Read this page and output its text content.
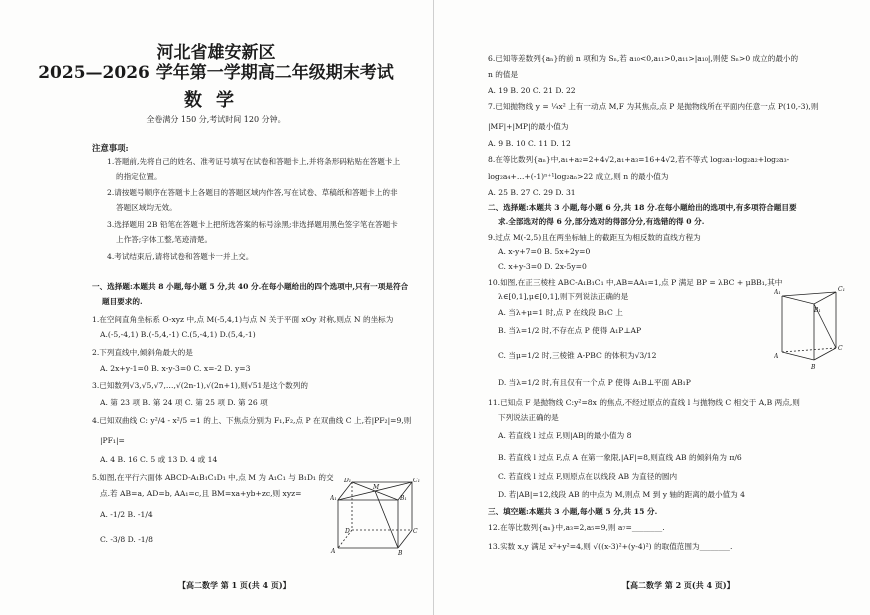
河北省雄安新区
2025—2026 学年第一学期高二年级期末考试
数学
全卷满分 150 分,考试时间 120 分钟。
注意事项:
1.答题前,先将自己的姓名、准考证号填写在试卷和答题卡上,并将条形码粘贴在答题卡上
的指定位置。
2.请按题号顺序在答题卡上各题目的答题区域内作答,写在试卷、草稿纸和答题卡上的非
答题区域均无效。
3.选择题用 2B 铅笔在答题卡上把所选答案的标号涂黑;非选择题用黑色签字笔在答题卡
上作答;字体工整,笔迹清楚。
4.考试结束后,请将试卷和答题卡一并上交。
一、选择题:本题共 8 小题,每小题 5 分,共 40 分.在每小题给出的四个选项中,只有一项是符合
题目要求的.
1.在空间直角坐标系 O-xyz 中,点 M(-5,4,1)与点 N 关于平面 xOy 对称,则点 N 的坐标为
A.(-5,-4,1) B.(-5,4,-1) C.(5,-4,1) D.(5,4,-1)
2.下列直线中,倾斜角最大的是
A. 2x+y-1=0 B. x-y-3=0 C. x=-2 D. y=3
3.已知数列√3,√5,√7,…,√(2n-1),√(2n+1),则√51是这个数列的
A. 第 23 项 B. 第 24 项 C. 第 25 项 D. 第 26 项
4.已知双曲线 C: y²/4 - x²/5 =1 的上、下焦点分别为 F₁,F₂,点 P 在双曲线 C 上,若|PF₂|=9,则
|PF₁|=
A. 4 B. 16 C. 5 或 13 D. 4 或 14
5.如图,在平行六面体 ABCD-A₁B₁C₁D₁ 中,点 M 为 A₁C₁ 与 B₁D₁ 的交
点.若 AB=a, AD=b, AA₁=c,且 BM=xa+yb+zc,则 xyz=
A. -1/2 B. -1/4
C. -3/8 D. -1/8
D₁	C₁
A₁
M
B₁
D	C
A	B
【高二数学 第 1 页(共 4 页)】
6.已知等差数列{aₙ}的前 n 项和为 Sₙ,若 a₁₀<0,a₁₁>0,a₁₁>|a₁₀|,则使 Sₙ>0 成立的最小的
n 的值是
A. 19 B. 20 C. 21 D. 22
7.已知抛物线 y = ¼x² 上有一动点 M,F 为其焦点,点 P 是抛物线所在平面内任意一点 P(10,-3),则
|MF|+|MP|的最小值为
A. 9 B. 10 C. 11 D. 12
8.在等比数列{aₙ}中,a₁+a₂=2+4√2,a₁+a₃=16+4√2,若不等式 log₂a₁-log₂a₂+log₂a₃-
log₂a₄+…+(-1)ⁿ⁺¹log₂aₙ>22 成立,则 n 的最小值为
A. 25 B. 27 C. 29 D. 31
二、选择题:本题共 3 小题,每小题 6 分,共 18 分.在每小题给出的选项中,有多项符合题目要
求.全部选对的得 6 分,部分选对的得部分分,有选错的得 0 分.
9.过点 M(-2,5)且在两坐标轴上的截距互为相反数的直线方程为
A. x-y+7=0 B. 5x+2y=0
C. x+y-3=0 D. 2x-5y=0
10.如图,在正三棱柱 ABC-A₁B₁C₁ 中,AB=AA₁=1,点 P 满足 BP = λBC + μBB₁,其中
λ∈[0,1],μ∈[0,1],则下列说法正确的是
A. 当λ+μ=1 时,点 P 在线段 B₁C 上
B. 当λ=1/2 时,不存在点 P 使得 A₁P⊥AP
C. 当μ=1/2 时,三棱锥 A-PBC 的体积为√3/12
D. 当λ=1/2 时,有且仅有一个点 P 使得 A₁B⊥平面 AB₁P
11.已知点 F 是抛物线 C:y²=8x 的焦点,不经过原点的直线 l 与抛物线 C 相交于 A,B 两点,则
下列说法正确的是
A. 若直线 l 过点 F,则|AB|的最小值为 8
B. 若直线 l 过点 F,点 A 在第一象限,|AF|=8,则直线 AB 的倾斜角为 π/6
C. 若直线 l 过点 F,则原点在以线段 AB 为直径的圆内
D. 若|AB|=12,线段 AB 的中点为 M,则点 M 到 y 轴的距离的最小值为 4
三、填空题:本题共 3 小题,每小题 5 分,共 15 分.
12.在等比数列{aₙ}中,a₃=2,a₅=9,则 a₇=________.
13.实数 x,y 满足 x²+y²=4,则 √((x-3)²+(y-4)²) 的取值范围为________.
A₁	C₁
B₁
C
A
B
【高二数学 第 2 页(共 4 页)】
